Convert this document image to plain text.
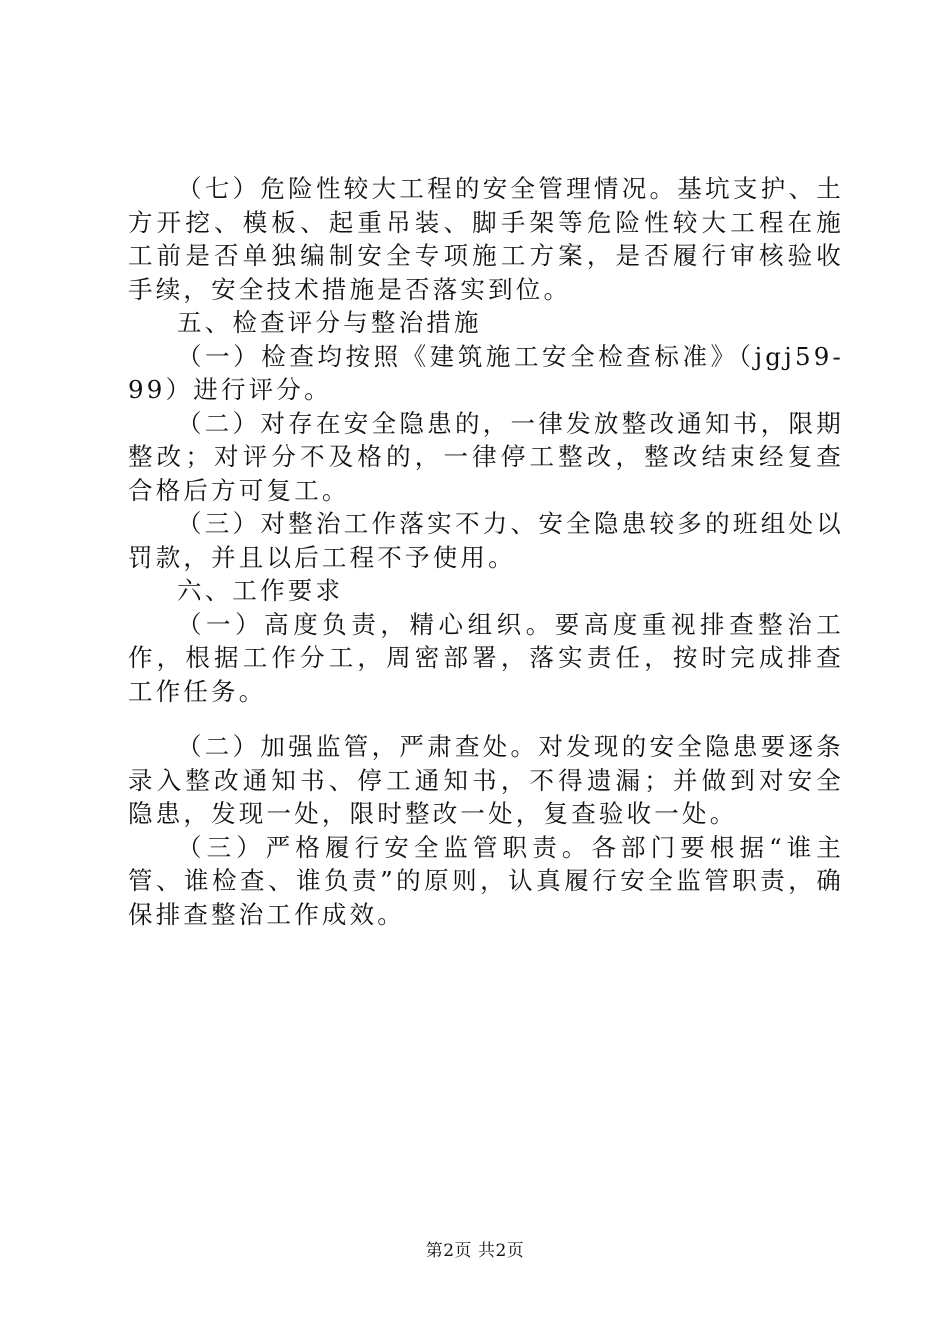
（七）危险性较大工程的安全管理情况。基坑支护、土方开挖、模板、起重吊装、脚手架等危险性较大工程在施工前是否单独编制安全专项施工方案，是否履行审核验收手续，安全技术措施是否落实到位。

五、检查评分与整治措施

（一）检查均按照《建筑施工安全检查标准》（jgj59-99）进行评分。

（二）对存在安全隐患的，一律发放整改通知书，限期整改；对评分不及格的，一律停工整改，整改结束经复查合格后方可复工。

（三）对整治工作落实不力、安全隐患较多的班组处以罚款，并且以后工程不予使用。

六、工作要求

（一）高度负责，精心组织。要高度重视排查整治工作，根据工作分工，周密部署，落实责任，按时完成排查工作任务。

（二）加强监管，严肃查处。对发现的安全隐患要逐条录入整改通知书、停工通知书，不得遗漏；并做到对安全隐患，发现一处，限时整改一处，复查验收一处。

（三）严格履行安全监管职责。各部门要根据“谁主管、谁检查、谁负责”的原则，认真履行安全监管职责，确保排查整治工作成效。

第2页 共2页
